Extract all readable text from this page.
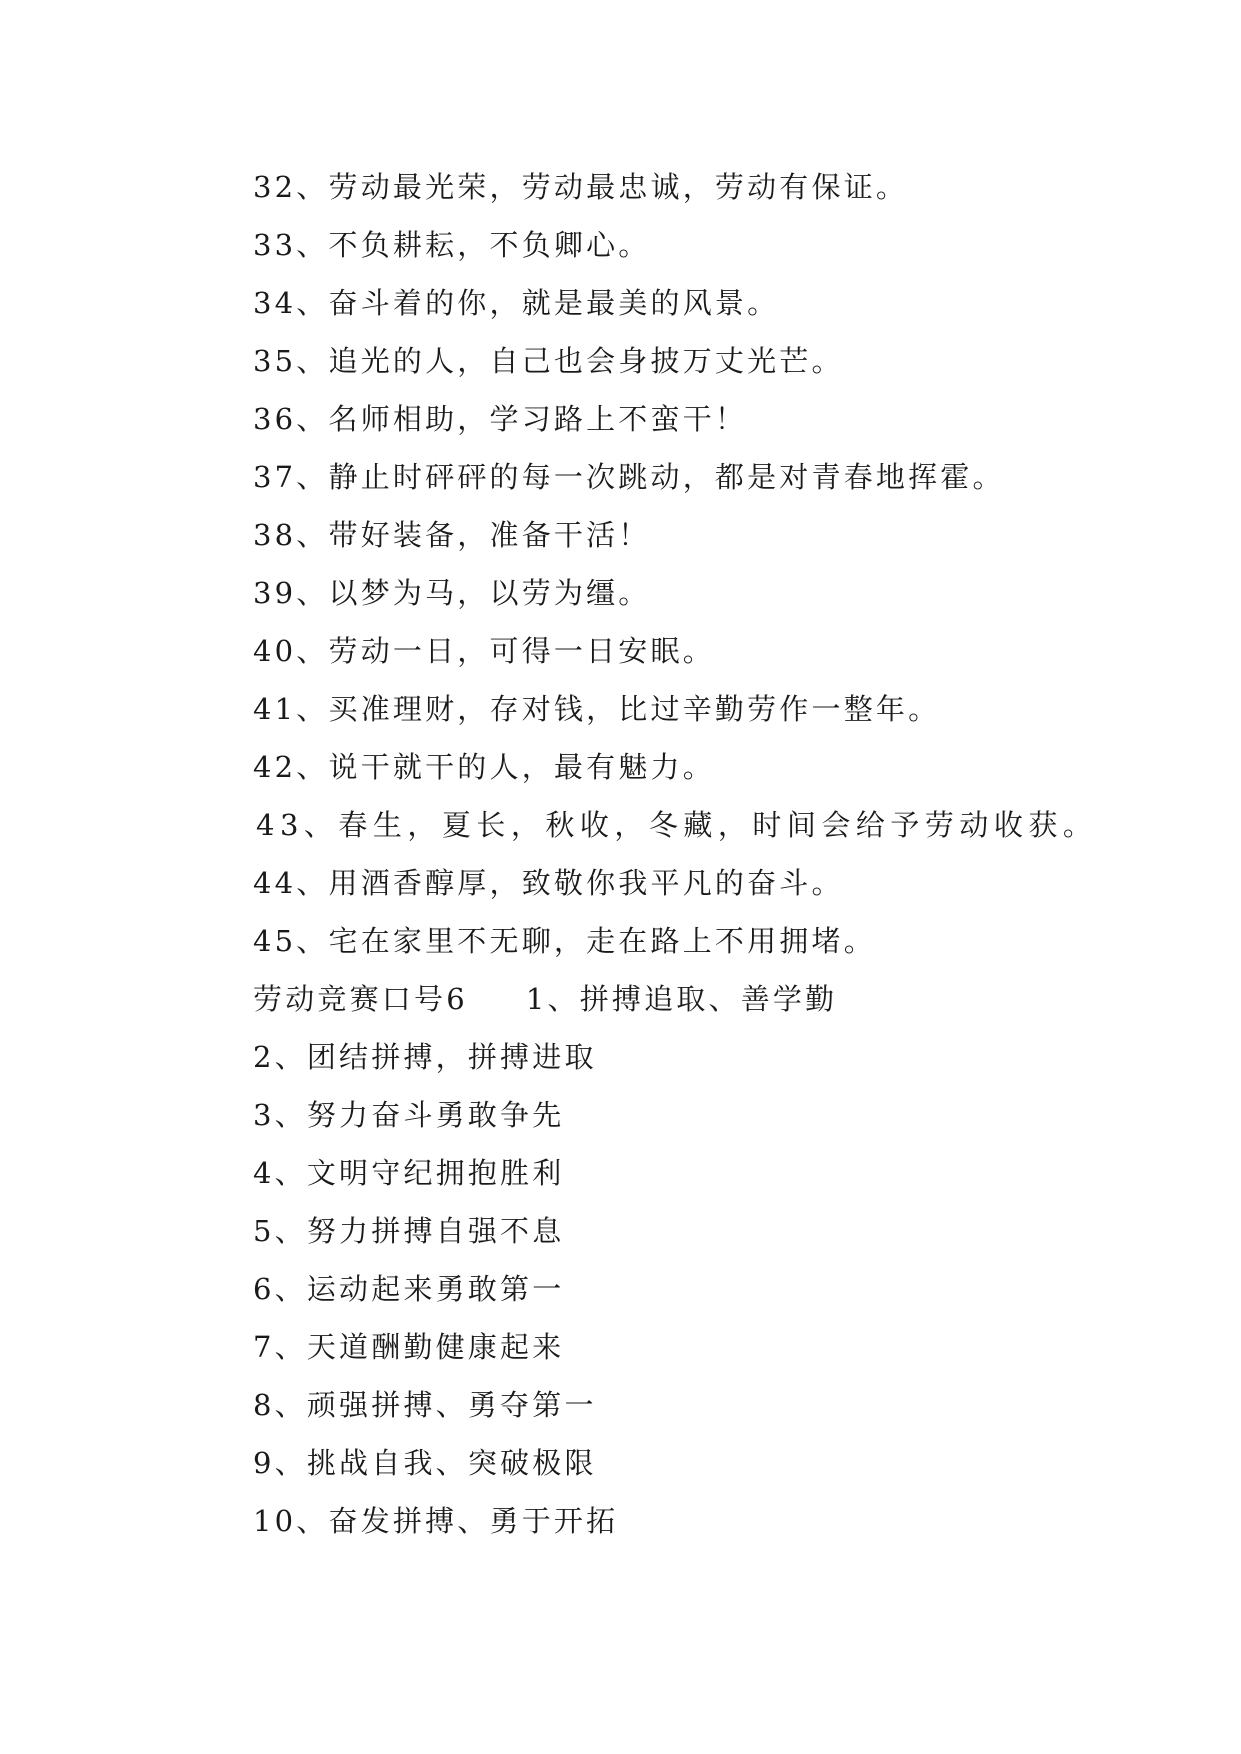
32、劳动最光荣，劳动最忠诚，劳动有保证。
33、不负耕耘，不负卿心。
34、奋斗着的你，就是最美的风景。
35、追光的人，自己也会身披万丈光芒。
36、名师相助，学习路上不蛮干！
37、静止时砰砰的每一次跳动，都是对青春地挥霍。
38、带好装备，准备干活！
39、以梦为马，以劳为缰。
40、劳动一日，可得一日安眠。
41、买准理财，存对钱，比过辛勤劳作一整年。
42、说干就干的人，最有魅力。
43、春生，夏长，秋收，冬藏，时间会给予劳动收获。
44、用酒香醇厚，致敬你我平凡的奋斗。
45、宅在家里不无聊，走在路上不用拥堵。
劳动竞赛口号6 1、拼搏追取、善学勤
2、团结拼搏，拼搏进取
3、努力奋斗勇敢争先
4、文明守纪拥抱胜利
5、努力拼搏自强不息
6、运动起来勇敢第一
7、天道酬勤健康起来
8、顽强拼搏、勇夺第一
9、挑战自我、突破极限
10、奋发拼搏、勇于开拓
